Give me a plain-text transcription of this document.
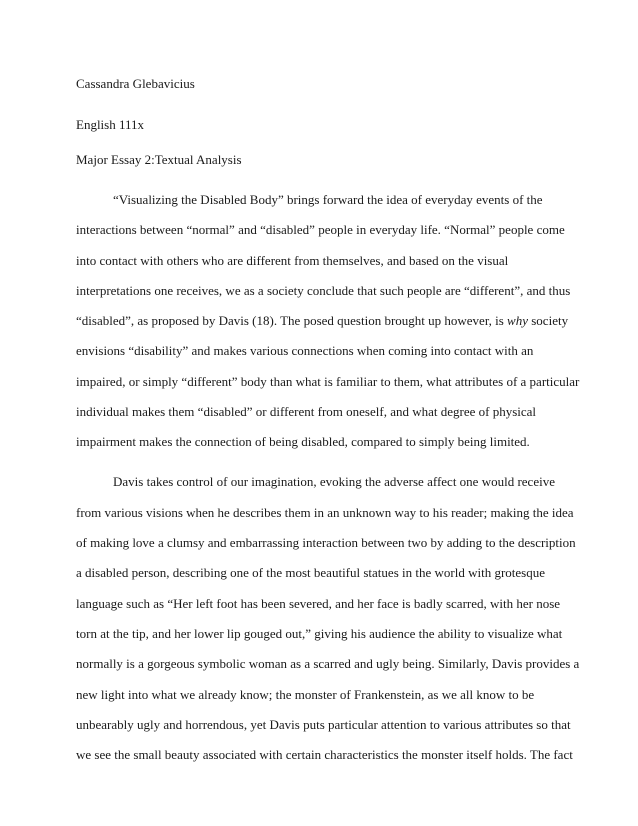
Cassandra Glebavicius
English 111x
Major Essay 2:Textual Analysis
“Visualizing the Disabled Body” brings forward the idea of everyday events of the
interactions between “normal” and “disabled” people in everyday life. “Normal” people come
into contact with others who are different from themselves, and based on the visual
interpretations one receives, we as a society conclude that such people are “different”, and thus
“disabled”, as proposed by Davis (18). The posed question brought up however, is why society
envisions “disability” and makes various connections when coming into contact with an
impaired, or simply “different” body than what is familiar to them, what attributes of a particular
individual makes them “disabled” or different from oneself, and what degree of physical
impairment makes the connection of being disabled, compared to simply being limited.
Davis takes control of our imagination, evoking the adverse affect one would receive
from various visions when he describes them in an unknown way to his reader; making the idea
of making love a clumsy and embarrassing interaction between two by adding to the description
a disabled person, describing one of the most beautiful statues in the world with grotesque
language such as “Her left foot has been severed, and her face is badly scarred, with her nose
torn at the tip, and her lower lip gouged out,” giving his audience the ability to visualize what
normally is a gorgeous symbolic woman as a scarred and ugly being. Similarly, Davis provides a
new light into what we already know; the monster of Frankenstein, as we all know to be
unbearably ugly and horrendous, yet Davis puts particular attention to various attributes so that
we see the small beauty associated with certain characteristics the monster itself holds. The fact
